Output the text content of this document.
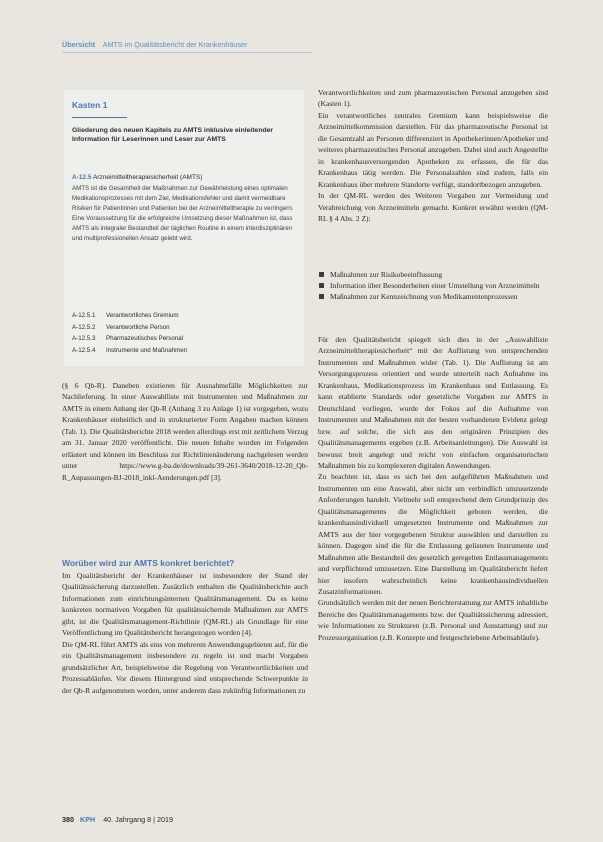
Übersicht AMTS im Qualitätsbericht der Krankenhäuser
Kasten 1
Gliederung des neuen Kapitels zu AMTS inklusive einleitender Information für Leserinnen und Leser zur AMTS
A-12.5 Arzneimitteltherapiesicherheit (AMTS)
AMTS ist die Gesamtheit der Maßnahmen zur Gewährleistung eines optimalen Medikationsprozesses mit dem Ziel, Medikationsfehler und damit vermeidbare Risiken für Patientinnen und Patienten bei der Arzneimitteltherapie zu verringern. Eine Voraussetzung für die erfolgreiche Umsetzung dieser Maßnahmen ist, dass AMTS als integraler Bestandteil der täglichen Routine in einem interdisziplinären und multiprofessionellen Ansatz gelebt wird.
A-12.5.1 Verantwortliches Gremium
A-12.5.2 Verantwortliche Person
A-12.5.3 Pharmazeutisches Personal
A-12.5.4 Instrumente und Maßnahmen

(§ 6 Qb-R). Daneben existieren für Ausnahmefälle Möglichkeiten zur Nachlieferung. In einer Auswahlliste mit Instrumenten und Maßnahmen zur AMTS in einem Anhang der Qb-R (Anhang 3 zu Anlage 1) ist vorgegeben, wozu Krankenhäuser einheitlich und in strukturierter Form Angaben machen können (Tab. 1). Die Qualitätsberichte 2018 werden allerdings erst mit zeitlichem Verzug am 31. Januar 2020 veröffentlicht. Die neuen Inhalte wurden im Folgenden erläutert und können im Beschluss zur Richtlinienänderung nachgelesen werden unter https://www.g-ba.de/downloads/39-261-3640/2018-12-20_Qb-R_Anpassungen-BJ-2018_inkl-Aenderungen.pdf [3].

Worüber wird zur AMTS konkret berichtet?

Im Qualitätsbericht der Krankenhäuser ist insbesondere der Stand der Qualitätssicherung darzustellen. Zusätzlich enthalten die Qualitätsberichte auch Informationen zum einrichtungsinternen Qualitätsmanagement. Da es keine konkreten normativen Vorgaben für qualitätssichernde Maßnahmen zur AMTS gibt, ist die Qualitätsmanagement-Richtlinie (QM-RL) als Grundlage für eine Veröffentlichung im Qualitätsbericht herangezogen worden [4].

Die QM-RL führt AMTS als eins von mehreren Anwendungsgebieten auf, für die ein Qualitätsmanagement insbesondere zu regeln ist und macht Vorgaben grundsätzlicher Art, beispielsweise die Regelung von Verantwortlichkeiten und Prozessabläufen. Vor diesem Hintergrund sind entsprechende Schwerpunkte in der Qb-R aufgenommen worden, unter anderem dass zukünftig Informationen zu

Verantwortlichkeiten und zum pharmazeutischen Personal anzugeben sind (Kasten 1).

Ein verantwortliches zentrales Gremium kann beispielsweise die Arzneimittelkommission darstellen. Für das pharmazeutische Personal ist die Gesamtzahl an Personen differenziert in Apothekerinnen/Apotheker und weiteres pharmazeutisches Personal anzugeben. Dabei sind auch Angestellte in krankenhausversorgenden Apotheken zu erfassen, die für das Krankenhaus tätig werden. Die Personalzahlen sind zudem, falls ein Krankenhaus über mehrere Standorte verfügt, standortbezogen anzugeben.

In der QM-RL werden des Weiteren Vorgaben zur Vermeidung und Verabreichung von Arzneimitteln gemacht. Konkret erwähnt werden (QM-RL § 4 Abs. 2 Z):

Maßnahmen zur Risikobeeinflussung
Information über Besonderheiten einer Umstellung von Arzneimitteln
Maßnahmen zur Kennzeichnung von Medikamentenprozessen

Für den Qualitätsbericht spiegelt sich dies in der „Auswahlliste Arzneimitteltherapiesicherheit“ mit der Auflistung von entsprechenden Instrumenten und Maßnahmen wider (Tab. 1). Die Auflistung ist am Versorgungsprozess orientiert und wurde unterteilt nach Aufnahme ins Krankenhaus, Medikationsprozess im Krankenhaus und Entlassung. Es kann etablierte Standards oder gesetzliche Vorgaben zur AMTS in Deutschland vorliegen, wurde der Fokus auf die Aufnahme von Instrumenten und Maßnahmen mit der besten vorhandenen Evidenz gelegt bzw. auf solche, die sich aus den originären Prinzipien des Qualitätsmanagements ergeben (z.B. Arbeitsanleitungen). Die Auswahl ist bewusst breit angelegt und reicht von einfachen organisatorischen Maßnahmen bis zu komplexeren digitalen Anwendungen.

Zu beachten ist, dass es sich bei den aufgeführten Maßnahmen und Instrumenten um eine Auswahl, aber nicht um verbindlich umzusetzende Anforderungen handelt. Vielmehr soll entsprechend dem Grundprinzip des Qualitätsmanagements die Möglichkeit geboten werden, die krankenhausindividuell umgesetzten Instrumente und Maßnahmen zur AMTS aus der hier vorgegebenen Struktur auswählen und darstellen zu können. Dagegen sind die für die Entlassung gelisteten Instrumente und Maßnahmen alle Bestandteil des gesetzlich geregelten Entlassmanagements und verpflichtend umzusetzen. Eine Darstellung im Qualitätsbericht liefert hier insofern wahrscheinlich keine krankenhausindividuellen Zusatzinformationen.

Grundsätzlich werden mit der neuen Berichterstattung zur AMTS inhaltliche Bereiche des Qualitätsmanagements bzw. der Qualitätssicherung adressiert, wie Informationen zu Strukturen (z.B. Personal und Ausstattung) und zur Prozessorganisation (z.B. Konzepte und festgeschriebene Arbeitsabläufe).

380 KPH 40. Jahrgang 8 | 2019
